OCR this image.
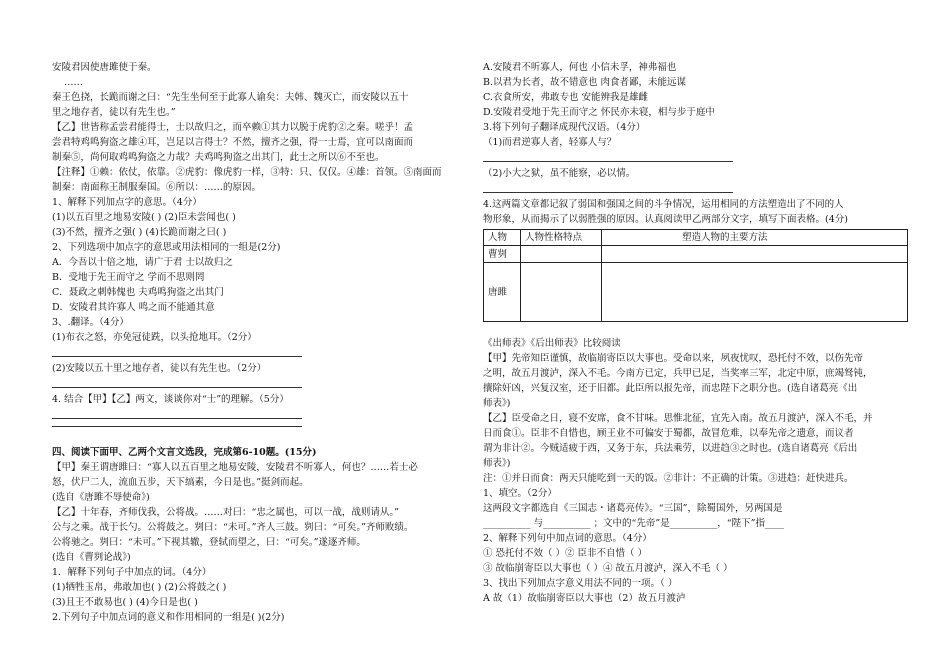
安陵君因使唐雎使于秦。
……
秦王色挠，长跪而谢之曰：“先生坐何至于此寡人谕矣：夫韩、魏灭亡，而安陵以五十
里之地存者，徒以有先生也。”
【乙】世皆称孟尝君能得士，士以故归之，而卒赖①其力以脱于虎豹②之秦。嗟乎！孟
尝君特鸡鸣狗盗之雄④耳，岂足以言得士？不然，擅齐之强，得一士焉，宜可以南面而
制秦⑤，尚何取鸡鸣狗盗之力哉？夫鸡鸣狗盗之出其门，此士之所以⑥不至也。
【注释】①赖：依仗，依靠。②虎豹：像虎豹一样，③特：只、仅仅。④雄：首领。⑤南面而
制秦：南面称王制服秦国。⑥所以：……的原因。
1、解释下列加点字的意思。（4分）
(1)以五百里之地易安陵( ) (2)臣未尝闻也( )
(3)不然，擅齐之强( ) (4)长跪而谢之曰( )
2、下列选项中加点字的意思或用法相同的一组是(2分)
A．今吾以十倍之地，请广于君 士以故归之
B．受地于先王而守之 学而不思则罔
C．聂政之刺韩傀也 夫鸡鸣狗盗之出其门
D．安陵君其许寡人 鸣之而不能通其意
3、.翻译。（4分）
(1)布衣之怒，亦免冠徒跣，以头抢地耳。（2分）
(2)安陵以五十里之地存者，徒以有先生也。（2分）
4. 结合【甲】【乙】两文，谈谈你对“士”的理解。（5分）
四、阅读下面甲、乙两个文言文选段，完成第6-10题。(15分)
【甲】秦王谓唐雎曰：“寡人以五百里之地易安陵，安陵君不听寡人，何也？……若士必
怒，伏尸二人，流血五步，天下缟素，今日是也。”挺剑而起。
(选自《唐雎不辱使命》)
【乙】十年春，齐师伐我，公将战。……对曰：“忠之属也，可以一战，战则请从。”
公与之乘。战于长勺。公将鼓之。刿曰：“未可。”齐人三鼓。刿曰：“可矣。”齐师败绩。
公将驰之。刿曰：“未可。”下视其辙，登轼而望之，曰：“可矣。”遂逐齐师。
(选自《曹刿论战》)
1．解释下列句子中加点的词。（4分）
(1)牺牲玉帛，弗敢加也( ) (2)公将鼓之( )
(3)且王不敢易也( ) (4)今日是也( )
2.下列句子中加点词的意义和作用相同的一组是( )(2分)
A.安陵君不听寡人，何也 小信未孚，神弗福也
B.以君为长者，故不错意也 肉食者鄙，未能远谋
C.衣食所安，弗敢专也 安能辨我是雄雌
D.安陵君受地于先王而守之 怀民亦未寝，相与步于庭中
3.将下列句子翻译成现代汉语。（4分）
（1)而君逆寡人者，轻寡人与？
（2)小大之狱，虽不能察，必以情。
4.这两篇文章都记叙了弱国和强国之间的斗争情况，运用相同的方法塑造出了不同的人
物形象，从而揭示了以弱胜强的原因。认真阅读甲乙两部分文字，填写下面表格。(4分)
人物	人物性格特点	塑造人物的主要方法
曹刿		
唐雎		
《出师表》《后出师表》比较阅读
【甲】先帝知臣谨慎，故临崩寄臣以大事也。受命以来，夙夜忧叹，恐托付不效，以伤先帝
之明，故五月渡泸，深入不毛。今南方已定，兵甲已足，当奖率三军，北定中原，庶竭驽钝，
攘除奸凶，兴复汉室，还于旧都。此臣所以报先帝，而忠陛下之职分也。(选自诸葛亮《出
师表》)
【乙】臣受命之日，寝不安席，食不甘味。思惟北征，宜先入南。故五月渡泸，深入不毛，并
日而食①。臣非不自惜也，顾王业不可偏安于蜀都，故冒危难，以奉先帝之遗意，而议者
谓为非计②。今贼适疲于西，又务于东，兵法乘劳，以进趋③之时也。(选自诸葛亮《后出
师表》)
注：①并日而食：两天只能吃到一天的饭。②非计：不正确的计策。③进趋：赶快进兵。
1、填空。（2分）
这两段文字都选自《三国志・诸葛亮传》。“三国”，除蜀国外，另两国是
__________ 与__________ ；文中的“先帝”是__________，“陛下”指____
2、解释下列句中加点词的意思。（4分）
① 恐托付不效（ ）② 臣非不自惜（ ）
③ 故临崩寄臣以大事也（ ）④ 故五月渡泸，深入不毛（ ）
3、找出下列加点字意义用法不同的一项。（ ）
A 故（1）故临崩寄臣以大事也（2）故五月渡泸
